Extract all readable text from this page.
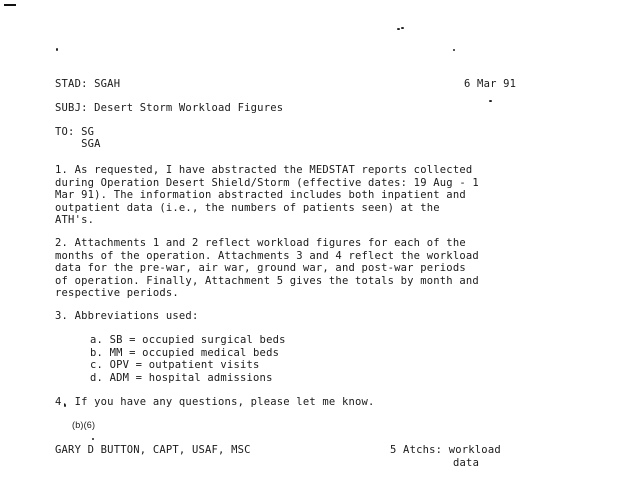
STAD: SGAH	6 Mar 91
SUBJ: Desert Storm Workload Figures
TO: SG
SGA
1. As requested, I have abstracted the MEDSTAT reports collected
during Operation Desert Shield/Storm (effective dates: 19 Aug - 1
Mar 91). The information abstracted includes both inpatient and
outpatient data (i.e., the numbers of patients seen) at the
ATH's.
2. Attachments 1 and 2 reflect workload figures for each of the
months of the operation. Attachments 3 and 4 reflect the workload
data for the pre-war, air war, ground war, and post-war periods
of operation. Finally, Attachment 5 gives the totals by month and
respective periods.
3. Abbreviations used:
a. SB = occupied surgical beds
b. MM = occupied medical beds
c. OPV = outpatient visits
d. ADM = hospital admissions
4. If you have any questions, please let me know.
(b)(6)
GARY D BUTTON, CAPT, USAF, MSC	5 Atchs: workload
data
